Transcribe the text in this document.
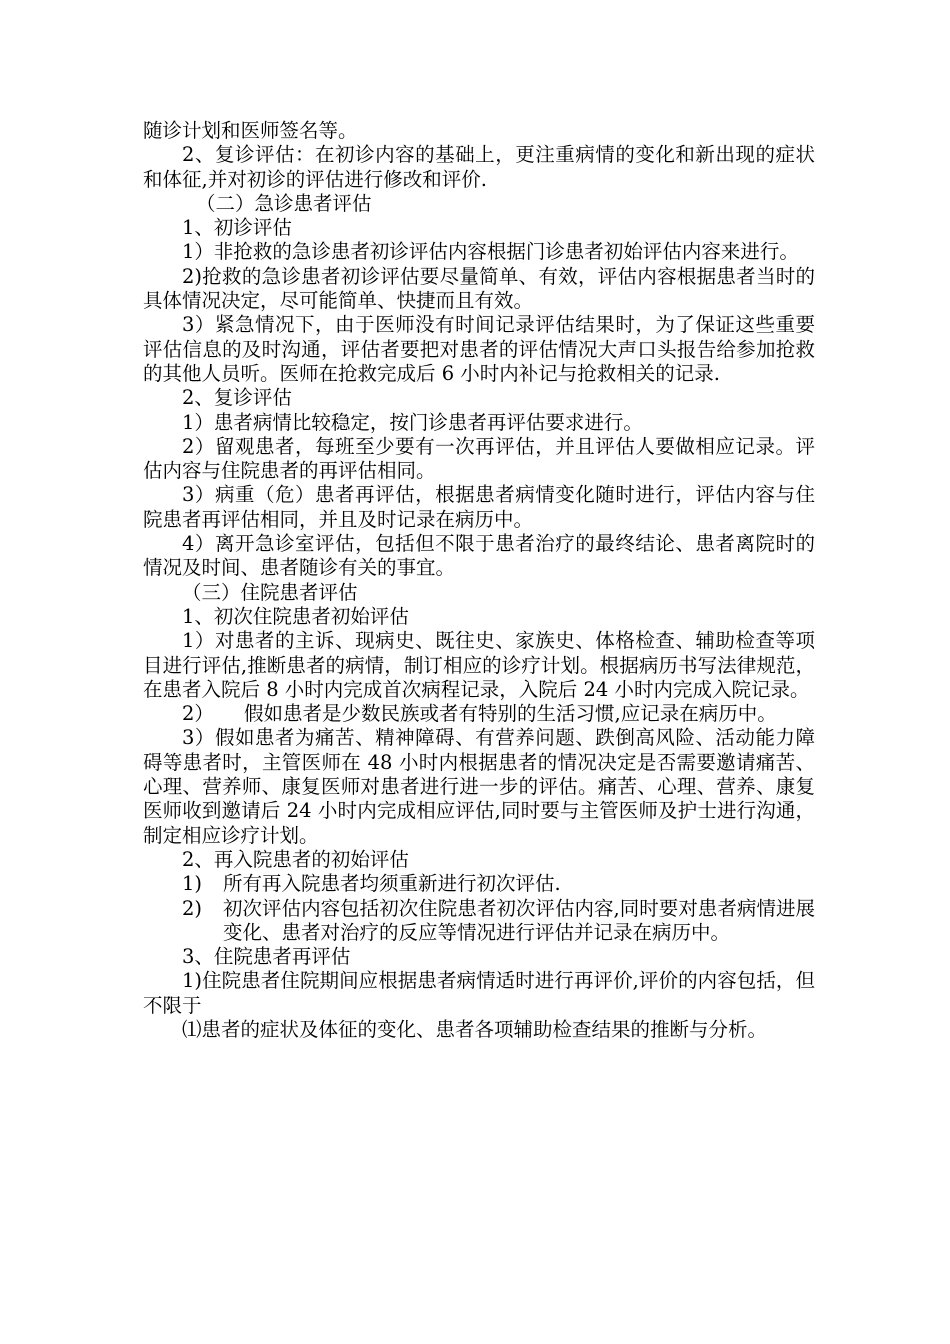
随诊计划和医师签名等。

2、复诊评估：在初诊内容的基础上，更注重病情的变化和新出现的症状和体征,并对初诊的评估进行修改和评价.

（二）急诊患者评估

1、初诊评估

1）非抢救的急诊患者初诊评估内容根据门诊患者初始评估内容来进行。

2)抢救的急诊患者初诊评估要尽量简单、有效，评估内容根据患者当时的具体情况决定，尽可能简单、快捷而且有效。

3）紧急情况下，由于医师没有时间记录评估结果时，为了保证这些重要评估信息的及时沟通，评估者要把对患者的评估情况大声口头报告给参加抢救的其他人员听。医师在抢救完成后 6 小时内补记与抢救相关的记录.

2、复诊评估

1）患者病情比较稳定，按门诊患者再评估要求进行。

2）留观患者，每班至少要有一次再评估，并且评估人要做相应记录。评估内容与住院患者的再评估相同。

3）病重（危）患者再评估，根据患者病情变化随时进行，评估内容与住院患者再评估相同，并且及时记录在病历中。

4）离开急诊室评估，包括但不限于患者治疗的最终结论、患者离院时的情况及时间、患者随诊有关的事宜。

（三）住院患者评估

1、初次住院患者初始评估

1）对患者的主诉、现病史、既往史、家族史、体格检查、辅助检查等项目进行评估,推断患者的病情，制订相应的诊疗计划。根据病历书写法律规范，在患者入院后 8 小时内完成首次病程记录，入院后 24 小时内完成入院记录。

2）	假如患者是少数民族或者有特别的生活习惯,应记录在病历中。

3）假如患者为痛苦、精神障碍、有营养问题、跌倒高风险、活动能力障碍等患者时，主管医师在 48 小时内根据患者的情况决定是否需要邀请痛苦、心理、营养师、康复医师对患者进行进一步的评估。痛苦、心理、营养、康复医师收到邀请后 24 小时内完成相应评估,同时要与主管医师及护士进行沟通，制定相应诊疗计划。

2、再入院患者的初始评估

1)	所有再入院患者均须重新进行初次评估.
2)	初次评估内容包括初次住院患者初次评估内容,同时要对患者病情进展变化、患者对治疗的反应等情况进行评估并记录在病历中。

3、住院患者再评估

1)住院患者住院期间应根据患者病情适时进行再评价,评价的内容包括，但不限于

⑴患者的症状及体征的变化、患者各项辅助检查结果的推断与分析。
